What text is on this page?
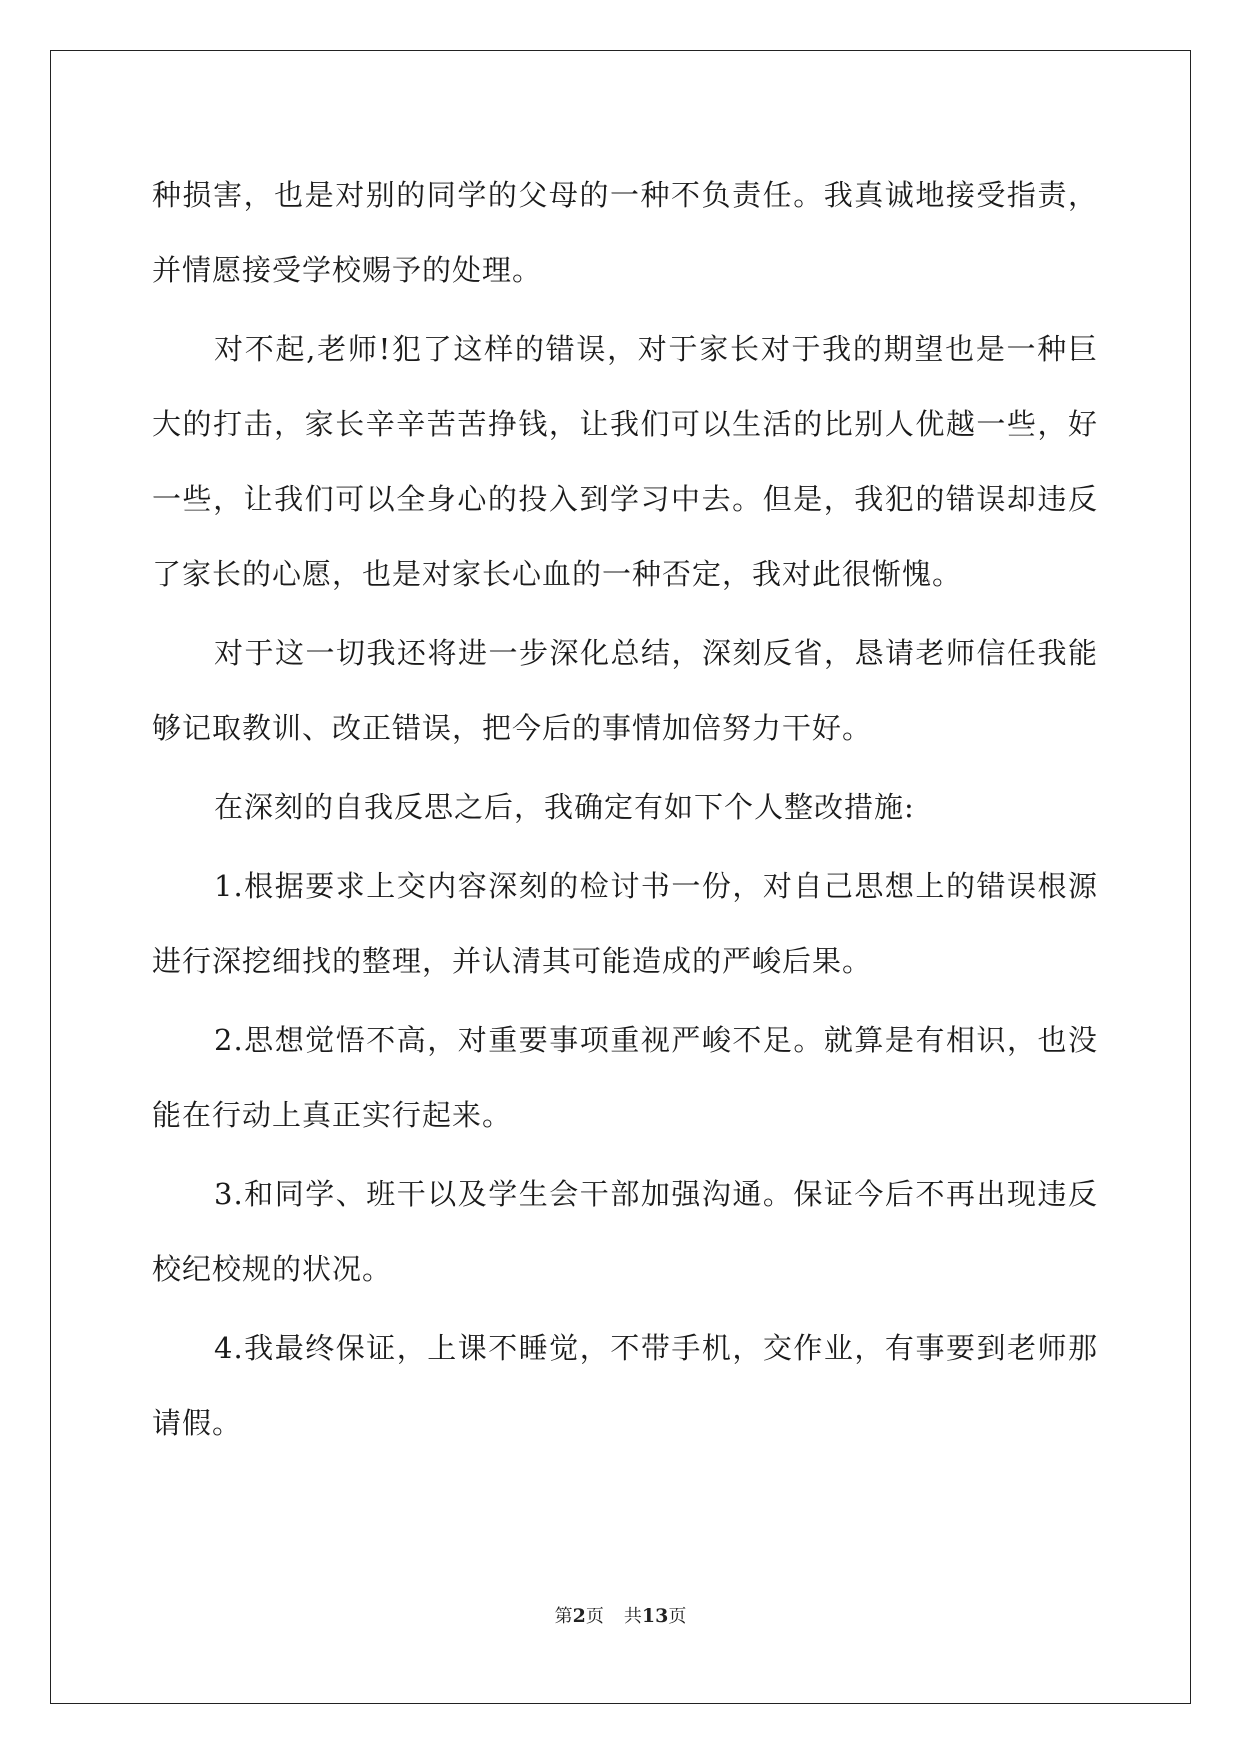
种损害，也是对别的同学的父母的一种不负责任。我真诚地接受指责，并情愿接受学校赐予的处理。

对不起,老师!犯了这样的错误，对于家长对于我的期望也是一种巨大的打击，家长辛辛苦苦挣钱，让我们可以生活的比别人优越一些，好一些，让我们可以全身心的投入到学习中去。但是，我犯的错误却违反了家长的心愿，也是对家长心血的一种否定，我对此很惭愧。

对于这一切我还将进一步深化总结，深刻反省，恳请老师信任我能够记取教训、改正错误，把今后的事情加倍努力干好。

在深刻的自我反思之后，我确定有如下个人整改措施:

1.根据要求上交内容深刻的检讨书一份，对自己思想上的错误根源进行深挖细找的整理，并认清其可能造成的严峻后果。

2.思想觉悟不高，对重要事项重视严峻不足。就算是有相识，也没能在行动上真正实行起来。

3.和同学、班干以及学生会干部加强沟通。保证今后不再出现违反校纪校规的状况。

4.我最终保证，上课不睡觉，不带手机，交作业，有事要到老师那请假。

第2页 共13页
